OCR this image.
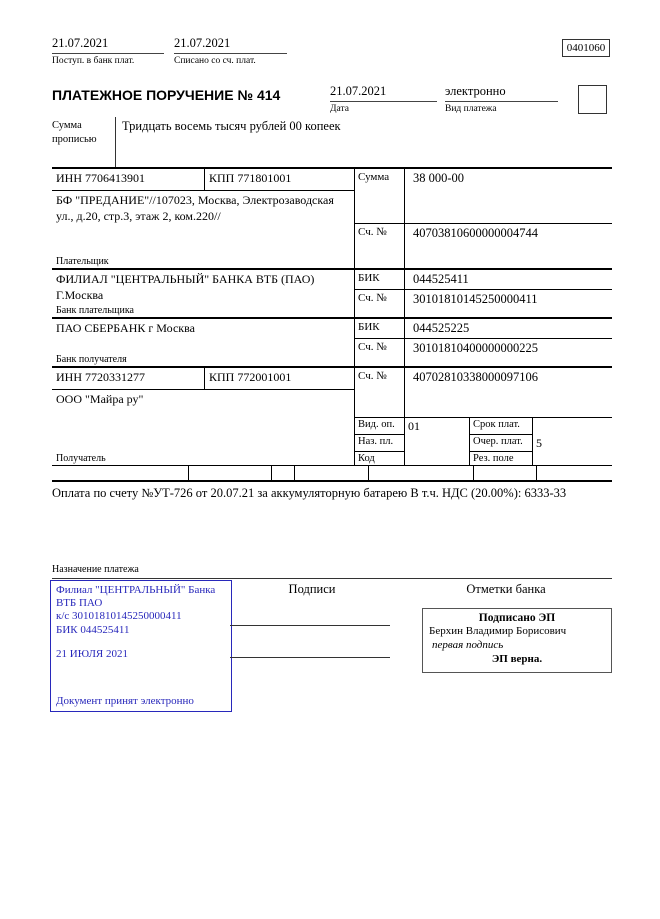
21.07.2021
Поступ. в банк плат.
21.07.2021
Списано со сч. плат.
0401060
ПЛАТЕЖНОЕ ПОРУЧЕНИЕ № 414	21.07.2021
Дата
электронно
Вид платежа
Сумма прописью
Тридцать восемь тысяч рублей 00 копеек
ИНН 7706413901	КПП 771801001
БФ "ПРЕДАНИЕ"//107023, Москва, Электрозаводская ул., д.20, стр.3, этаж 2, ком.220//
Плательщик
Сумма	38 000-00
Сч. №	40703810600000004744
ФИЛИАЛ "ЦЕНТРАЛЬНЫЙ" БАНКА ВТБ (ПАО) Г.Москва
Банк плательщика
БИК	044525411
Сч. №	30101810145250000411
ПАО СБЕРБАНК г Москва
Банк получателя
БИК	044525225
Сч. №	30101810400000000225
ИНН 7720331277	КПП 772001001
ООО "Майра ру"
Получатель
Сч. №	40702810338000097106
Вид. оп.	01	Срок плат.
Наз. пл.	Очер. плат.	5
Код	Рез. поле
Оплата по счету №УТ-726 от 20.07.21 за аккумуляторную батарею В т.ч. НДС (20.00%): 6333-33
Назначение платежа
Филиал "ЦЕНТРАЛЬНЫЙ" Банка ВТБ ПАО
к/с 30101810145250000411
БИК 044525411
21 ИЮЛЯ 2021
Документ принят электронно
Подписи	Отметки банка
Подписано ЭП
Берхин Владимир Борисович
первая подпись
ЭП верна.
